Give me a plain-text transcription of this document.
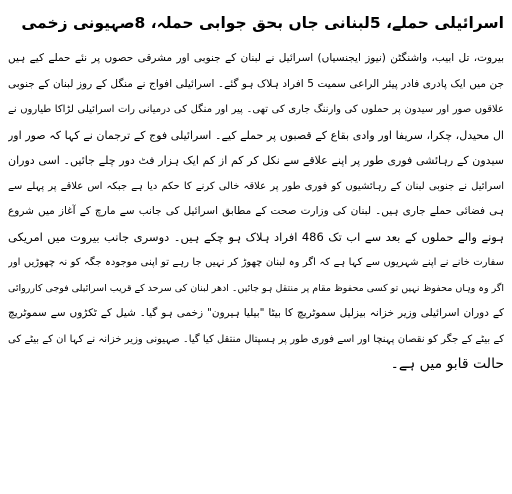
اسرائیلی حملے، 5لبنانی جاں بحق جوابی حملہ، 8صہیونی زخمی
بیروت، تل ابیب، واشنگٹن (نیوز ایجنسیاں) اسرائیل نے لبنان کے جنوبی اور مشرقی حصوں پر نئے حملے کیے ہیں
جن میں ایک پادری فادر پیئر الراعی سمیت 5 افراد ہلاک ہو گئے۔ اسرائیلی افواج نے منگل کے روز لبنان کے جنوبی
علاقوں صور اور سیدون پر حملوں کی وارننگ جاری کی تھی۔ پیر اور منگل کی درمیانی رات اسرائیلی لڑاکا طیاروں نے
ال محیدل، چکرا، سریفا اور وادی بقاع کے قصبوں پر حملے کیے۔ اسرائیلی فوج کے ترجمان نے کہا کہ صور اور
سیدون کے رہائشی فوری طور پر اپنے علاقے سے نکل کر کم از کم ایک ہزار فٹ دور چلے جائیں۔ اسی دوران
اسرائیل نے جنوبی لبنان کے رہائشیوں کو فوری طور پر علاقہ خالی کرنے کا حکم دیا ہے جبکہ اس علاقے پر پہلے سے
ہی فضائی حملے جاری ہیں۔ لبنان کی وزارت صحت کے مطابق اسرائیل کی جانب سے مارچ کے آغاز میں شروع
ہونے والے حملوں کے بعد سے اب تک 486 افراد ہلاک ہو چکے ہیں۔ دوسری جانب بیروت میں امریکی
سفارت خانے نے اپنے شہریوں سے کہا ہے کہ اگر وہ لبنان چھوڑ کر نہیں جا رہے تو اپنی موجودہ جگہ کو نہ چھوڑیں اور
اگر وہ وہاں محفوظ نہیں تو کسی محفوظ مقام پر منتقل ہو جائیں۔ ادھر لبنان کی سرحد کے قریب اسرائیلی فوجی کارروائی
کے دوران اسرائیلی وزیر خزانہ بیزلیل سموٹریچ کا بیٹا "بیلیا ہیرون" زخمی ہو گیا۔ شیل کے ٹکڑوں سے سموٹریچ
کے بیٹے کے جگر کو نقصان پہنچا اور اسے فوری طور پر ہسپتال منتقل کیا گیا۔ صہیونی وزیر خزانہ نے کہا ان کے بیٹے کی
حالت قابو میں ہے۔
